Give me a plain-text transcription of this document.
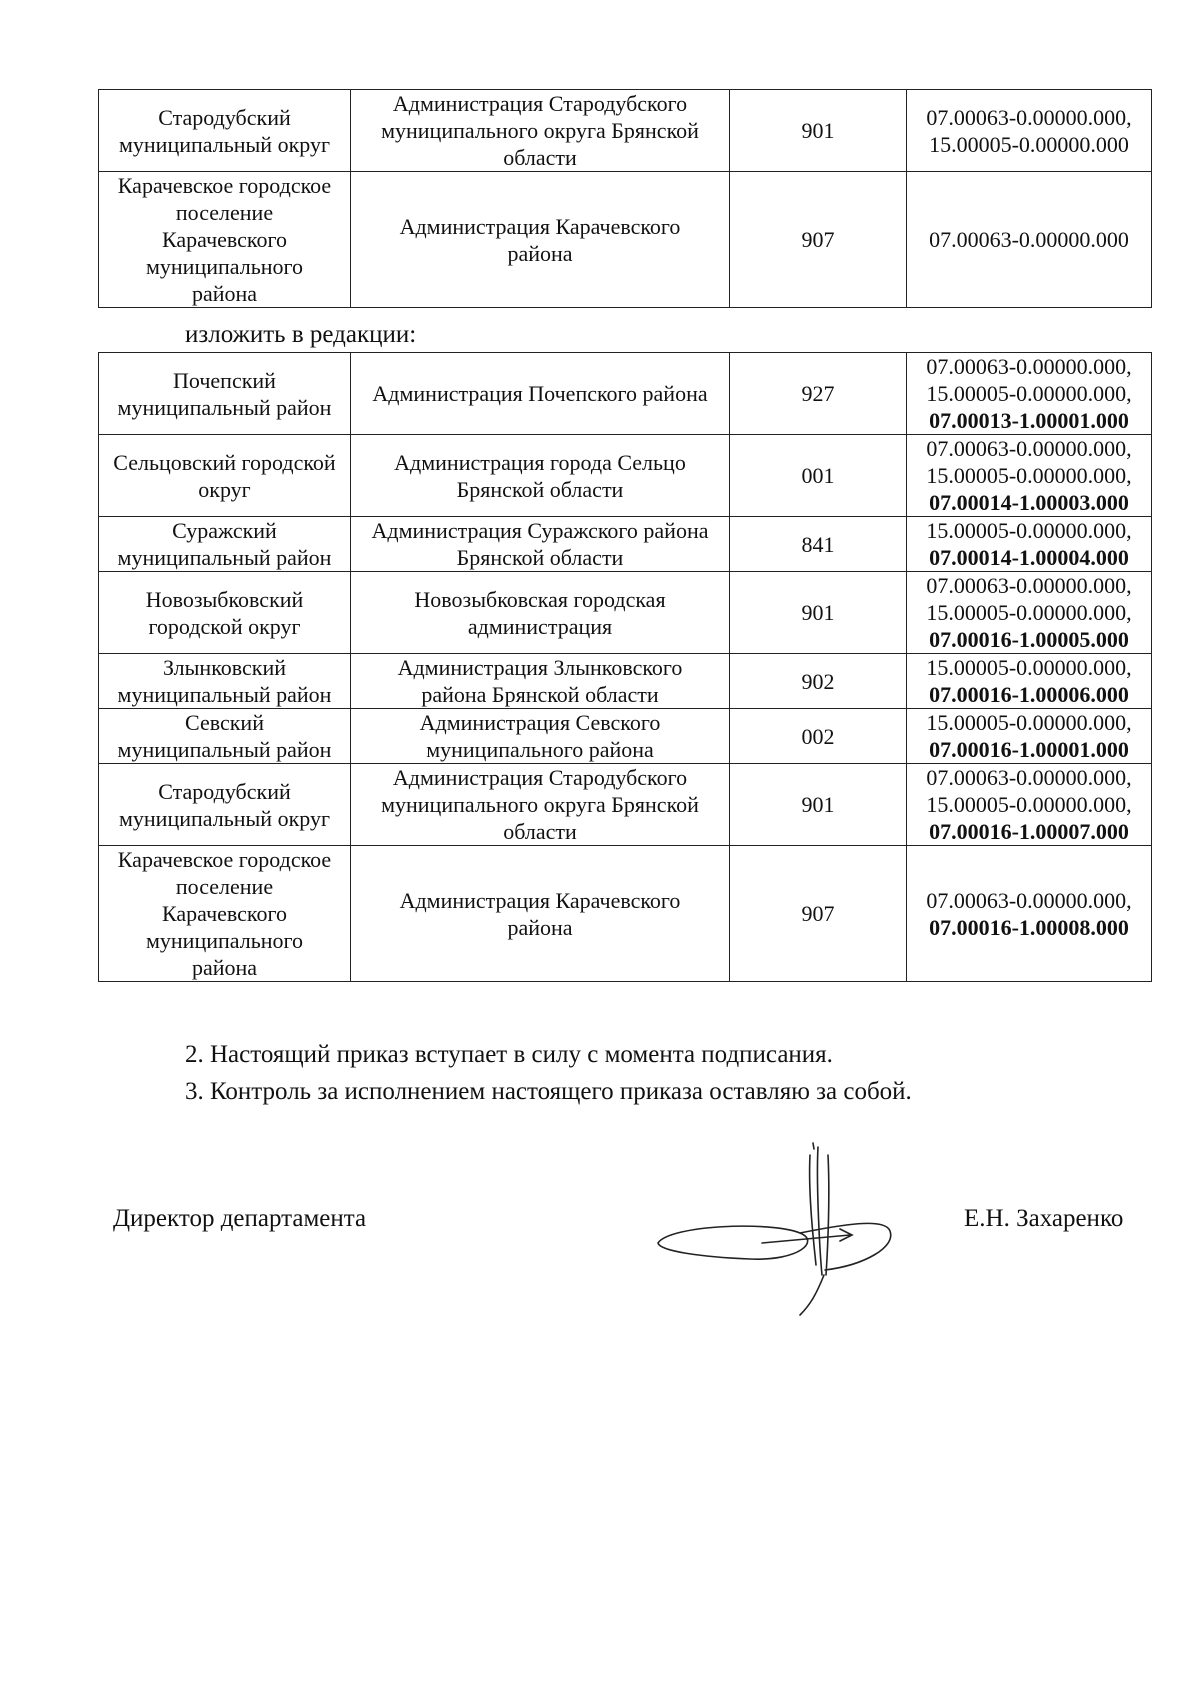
Стародубский
муниципальный округ	Администрация Стародубского
муниципального округа Брянской
области	901	07.00063-0.00000.000,
15.00005-0.00000.000

Карачевское городское
поселение
Карачевского
муниципального
района	Администрация Карачевского
района	907	07.00063-0.00000.000
изложить в редакции:
Почепский
муниципальный район	Администрация Почепского района	927	07.00063-0.00000.000,
15.00005-0.00000.000,
07.00013-1.00001.000

Сельцовский городской
округ	Администрация города Сельцо
Брянской области	001	07.00063-0.00000.000,
15.00005-0.00000.000,
07.00014-1.00003.000

Суражский
муниципальный район	Администрация Суражского района
Брянской области	841	15.00005-0.00000.000,
07.00014-1.00004.000

Новозыбковский
городской округ	Новозыбковская городская
администрация	901	07.00063-0.00000.000,
15.00005-0.00000.000,
07.00016-1.00005.000

Злынковский
муниципальный район	Администрация Злынковского
района Брянской области	902	15.00005-0.00000.000,
07.00016-1.00006.000

Севский
муниципальный район	Администрация Севского
муниципального района	002	15.00005-0.00000.000,
07.00016-1.00001.000

Стародубский
муниципальный округ	Администрация Стародубского
муниципального округа Брянской
области	901	07.00063-0.00000.000,
15.00005-0.00000.000,
07.00016-1.00007.000

Карачевское городское
поселение
Карачевского
муниципального
района	Администрация Карачевского
района	907	07.00063-0.00000.000,
07.00016-1.00008.000
2. Настоящий приказ вступает в силу с момента подписания.
3. Контроль за исполнением настоящего приказа оставляю за собой.
Директор департамента	Е.Н. Захаренко
